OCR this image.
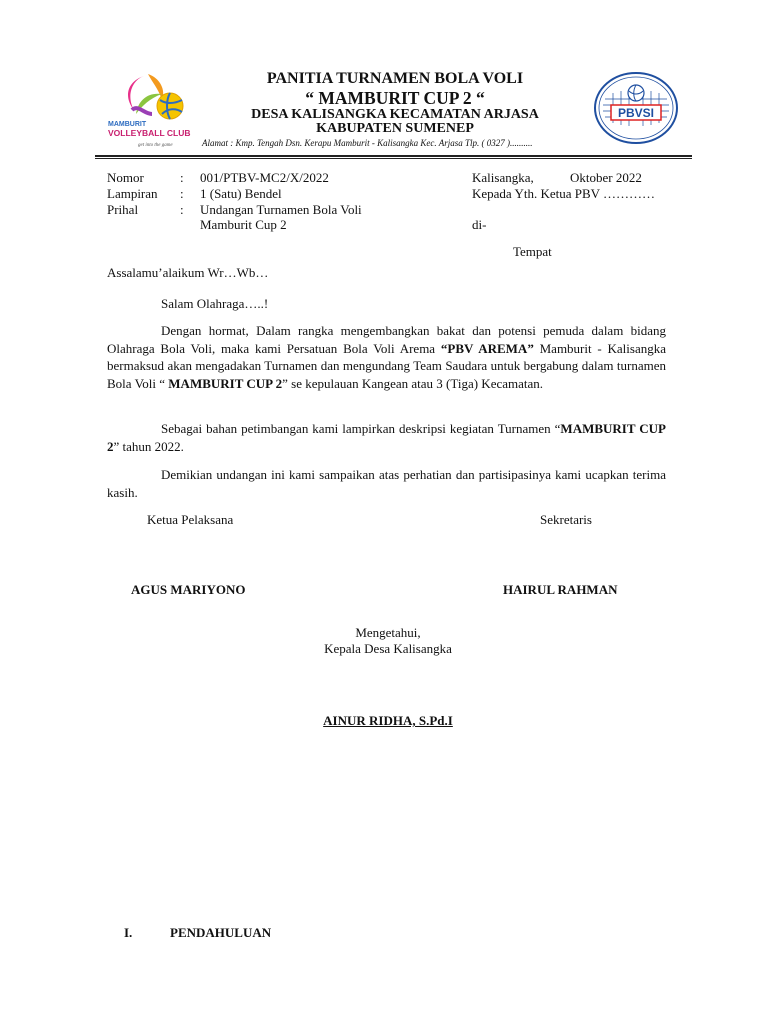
MAMBURIT
VOLLEYBALL CLUB
get into the game
PBVSI
PANITIA TURNAMEN BOLA VOLI
“ MAMBURIT CUP 2 “
DESA KALISANGKA KECAMATAN ARJASA
KABUPATEN SUMENEP
Alamat : Kmp. Tengah Dsn. Kerapu Mamburit - Kalisangka Kec. Arjasa Tlp. ( 0327 )..........
Nomor	:	001/PTBV-MC2/X/2022
Lampiran	:	1 (Satu) Bendel
Prihal	:	Undangan Turnamen Bola Voli
Mamburit Cup 2
Kalisangka,	Oktober 2022
Kepada Yth. Ketua PBV …………
di-
Tempat
Assalamu’alaikum Wr…Wb…
Salam Olahraga…..!
Dengan hormat, Dalam rangka mengembangkan bakat dan potensi pemuda dalam bidang Olahraga Bola Voli, maka kami Persatuan Bola Voli Arema “PBV AREMA” Mamburit - Kalisangka bermaksud akan mengadakan Turnamen dan mengundang Team Saudara untuk bergabung dalam turnamen Bola Voli “ MAMBURIT CUP 2” se kepulauan Kangean atau 3 (Tiga) Kecamatan.
Sebagai bahan petimbangan kami lampirkan deskripsi kegiatan Turnamen “MAMBURIT CUP 2” tahun 2022.
Demikian undangan ini kami sampaikan atas perhatian dan partisipasinya kami ucapkan terima kasih.
Ketua Pelaksana	Sekretaris
AGUS MARIYONO	HAIRUL RAHMAN
Mengetahui,
Kepala Desa Kalisangka
AINUR RIDHA, S.Pd.I
I.	PENDAHULUAN
